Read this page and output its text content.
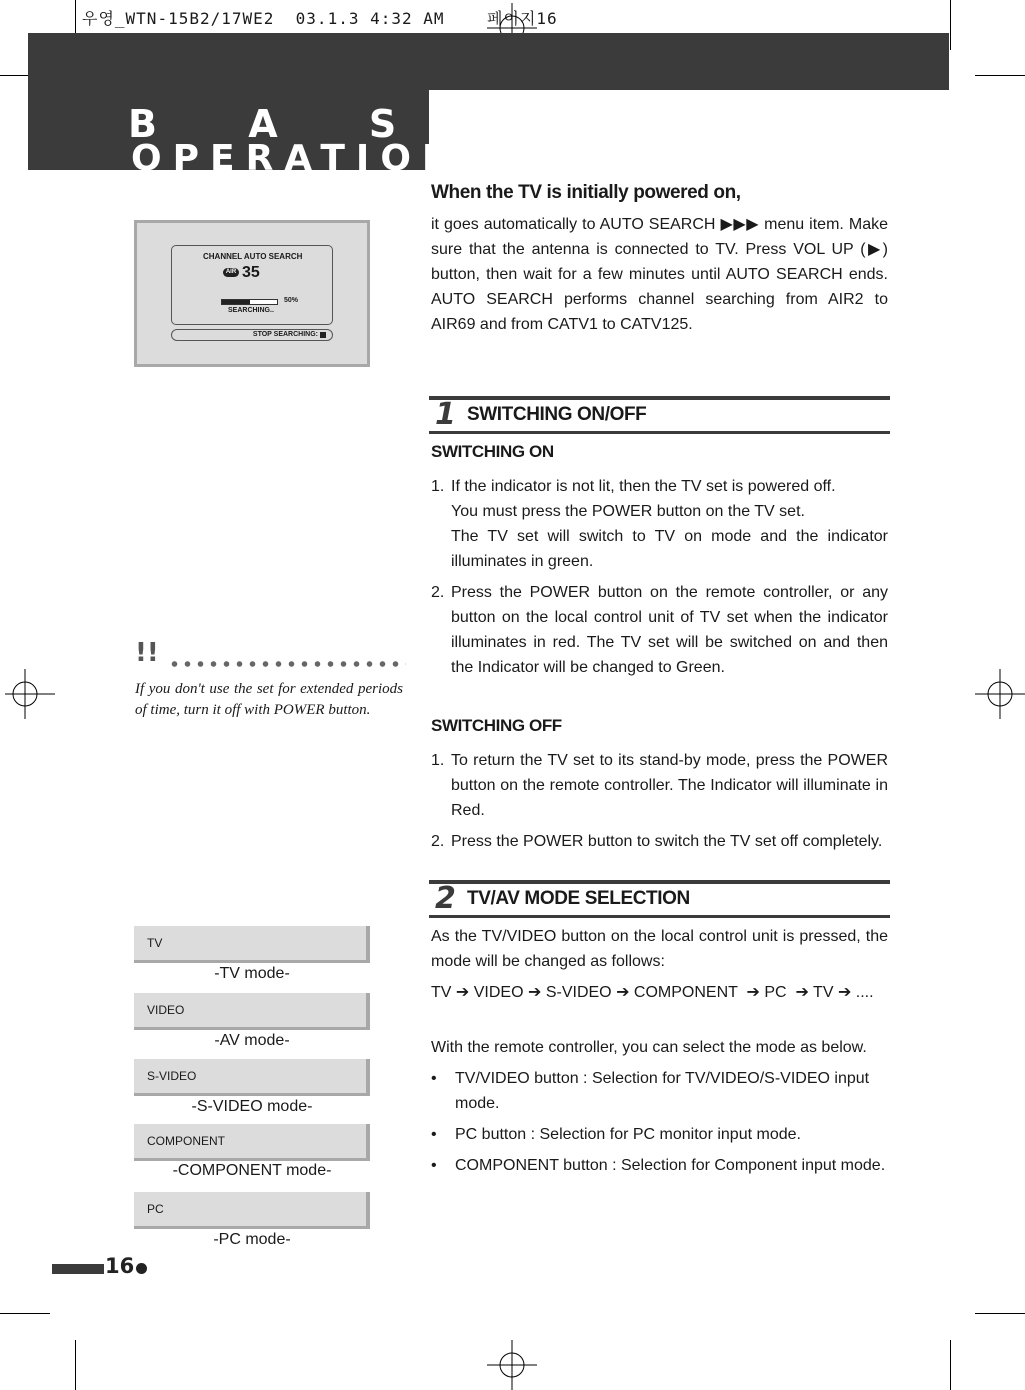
우영_WTN-15B2/17WE2  03.1.3 4:32 AM    페이지16
B A S I C
OPERATIONS
When the TV is initially powered on,
it goes automatically to AUTO SEARCH ▶▶▶ menu item. Make sure that the antenna is connected to TV. Press VOL UP (▶) button, then wait for a few minutes until AUTO SEARCH ends. AUTO SEARCH performs channel searching from AIR2 to AIR69 and from CATV1 to CATV125.
CHANNEL AUTO SEARCH
AIR 35
50%
SEARCHING..
STOP SEARCHING:
1 SWITCHING ON/OFF
SWITCHING ON
1. If the indicator is not lit, then the TV set is powered off.
You must press the POWER button on the TV set.
The TV set will switch to TV on mode and the indicator illuminates in green.
2. Press the POWER button on the remote controller, or any button on the local control unit of TV set when the indicator illuminates in red. The TV set will be switched on and then the Indicator will be changed to Green.
SWITCHING OFF
1. To return the TV set to its stand-by mode, press the POWER button on the remote controller. The Indicator will illuminate in Red.
2. Press the POWER button to switch the TV set off completely.
2 TV/AV MODE SELECTION
As the TV/VIDEO button on the local control unit is pressed, the mode will be changed as follows:
TV ➔ VIDEO ➔ S-VIDEO ➔ COMPONENT  ➔ PC  ➔ TV ➔ ....
With the remote controller, you can select the mode as below.
• TV/VIDEO button : Selection for TV/VIDEO/S-VIDEO input mode.
• PC button : Selection for PC monitor input mode.
• COMPONENT button : Selection for Component input mode.
!!
If you don't use the set for extended periods of time, turn it off with POWER button.
TV
-TV mode-
VIDEO
-AV mode-
S-VIDEO
-S-VIDEO mode-
COMPONENT
-COMPONENT mode-
PC
-PC mode-
16
